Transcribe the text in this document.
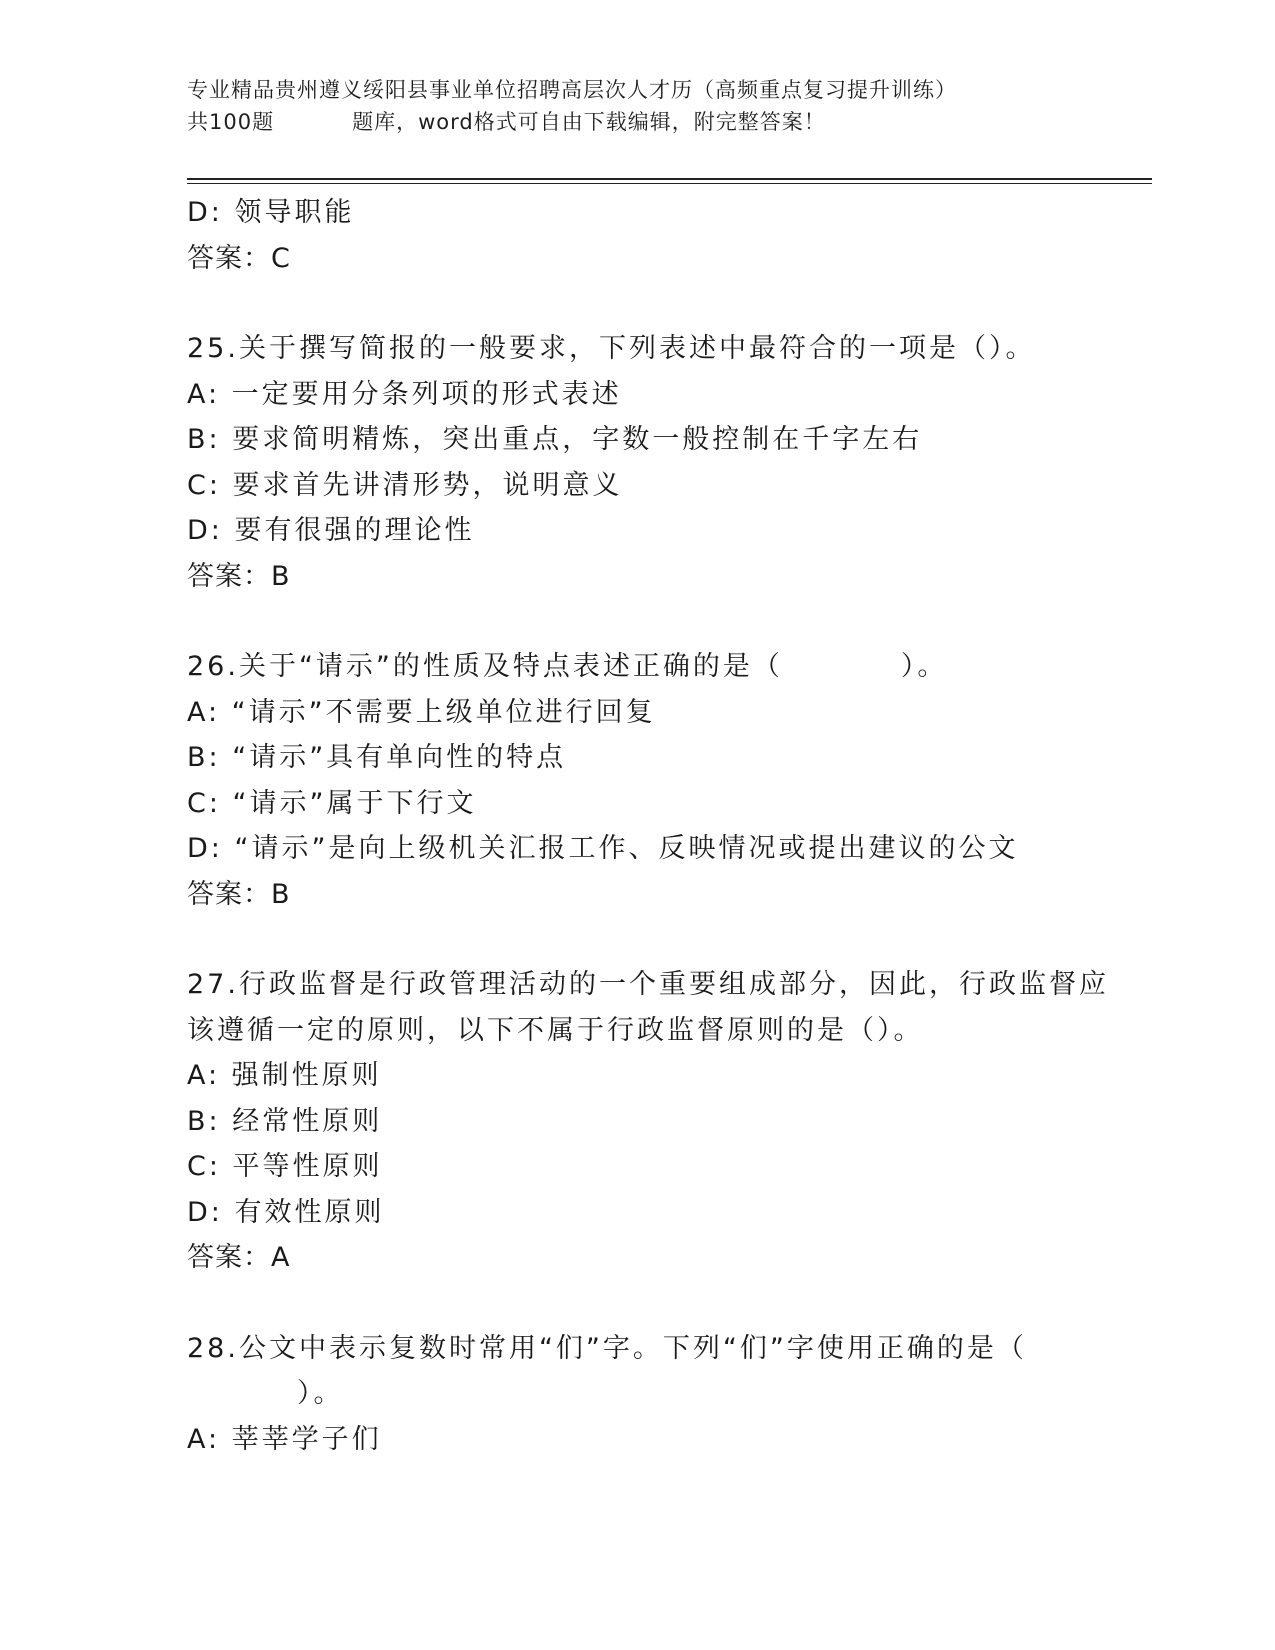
专业精品贵州遵义绥阳县事业单位招聘高层次人才历（高频重点复习提升训练）
共100题	题库，word格式可自由下载编辑，附完整答案！
D: 领导职能
答案：C
25.关于撰写简报的一般要求，下列表述中最符合的一项是（）。
A: 一定要用分条列项的形式表述
B: 要求简明精炼，突出重点，字数一般控制在千字左右
C: 要求首先讲清形势，说明意义
D: 要有很强的理论性
答案：B
26.关于“请示”的性质及特点表述正确的是（	）。
A: “请示”不需要上级单位进行回复
B: “请示”具有单向性的特点
C: “请示”属于下行文
D: “请示”是向上级机关汇报工作、反映情况或提出建议的公文
答案：B
27.行政监督是行政管理活动的一个重要组成部分，因此，行政监督应
该遵循一定的原则，以下不属于行政监督原则的是（）。
A: 强制性原则
B: 经常性原则
C: 平等性原则
D: 有效性原则
答案：A
28.公文中表示复数时常用“们”字。下列“们”字使用正确的是（
）。
A: 莘莘学子们
